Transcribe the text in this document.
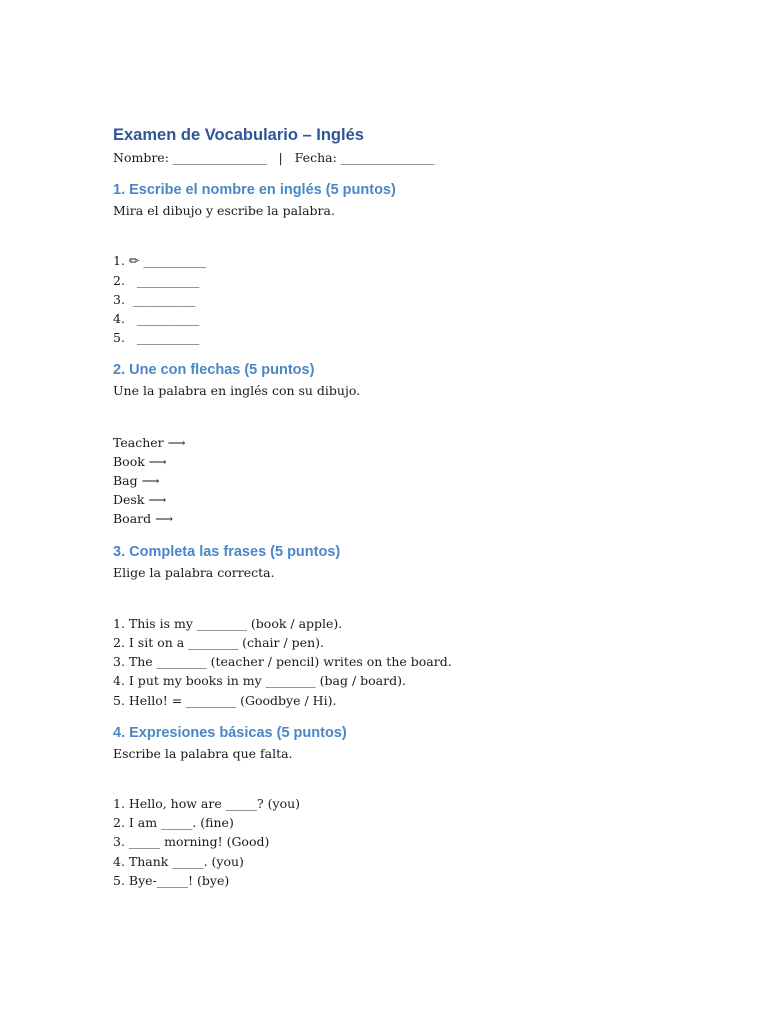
Examen de Vocabulario – Inglés
Nombre: _______________   |   Fecha: _______________
1. Escribe el nombre en inglés (5 puntos)
Mira el dibujo y escribe la palabra.
1. ✏ __________
2.   __________
3.  __________
4.   __________
5.   __________
2. Une con flechas (5 puntos)
Une la palabra en inglés con su dibujo.
Teacher ⟶
Book ⟶
Bag ⟶
Desk ⟶
Board ⟶
3. Completa las frases (5 puntos)
Elige la palabra correcta.
1. This is my ________ (book / apple).
2. I sit on a ________ (chair / pen).
3. The ________ (teacher / pencil) writes on the board.
4. I put my books in my ________ (bag / board).
5. Hello! = ________ (Goodbye / Hi).
4. Expresiones básicas (5 puntos)
Escribe la palabra que falta.
1. Hello, how are _____? (you)
2. I am _____. (fine)
3. _____ morning! (Good)
4. Thank _____. (you)
5. Bye-_____! (bye)
